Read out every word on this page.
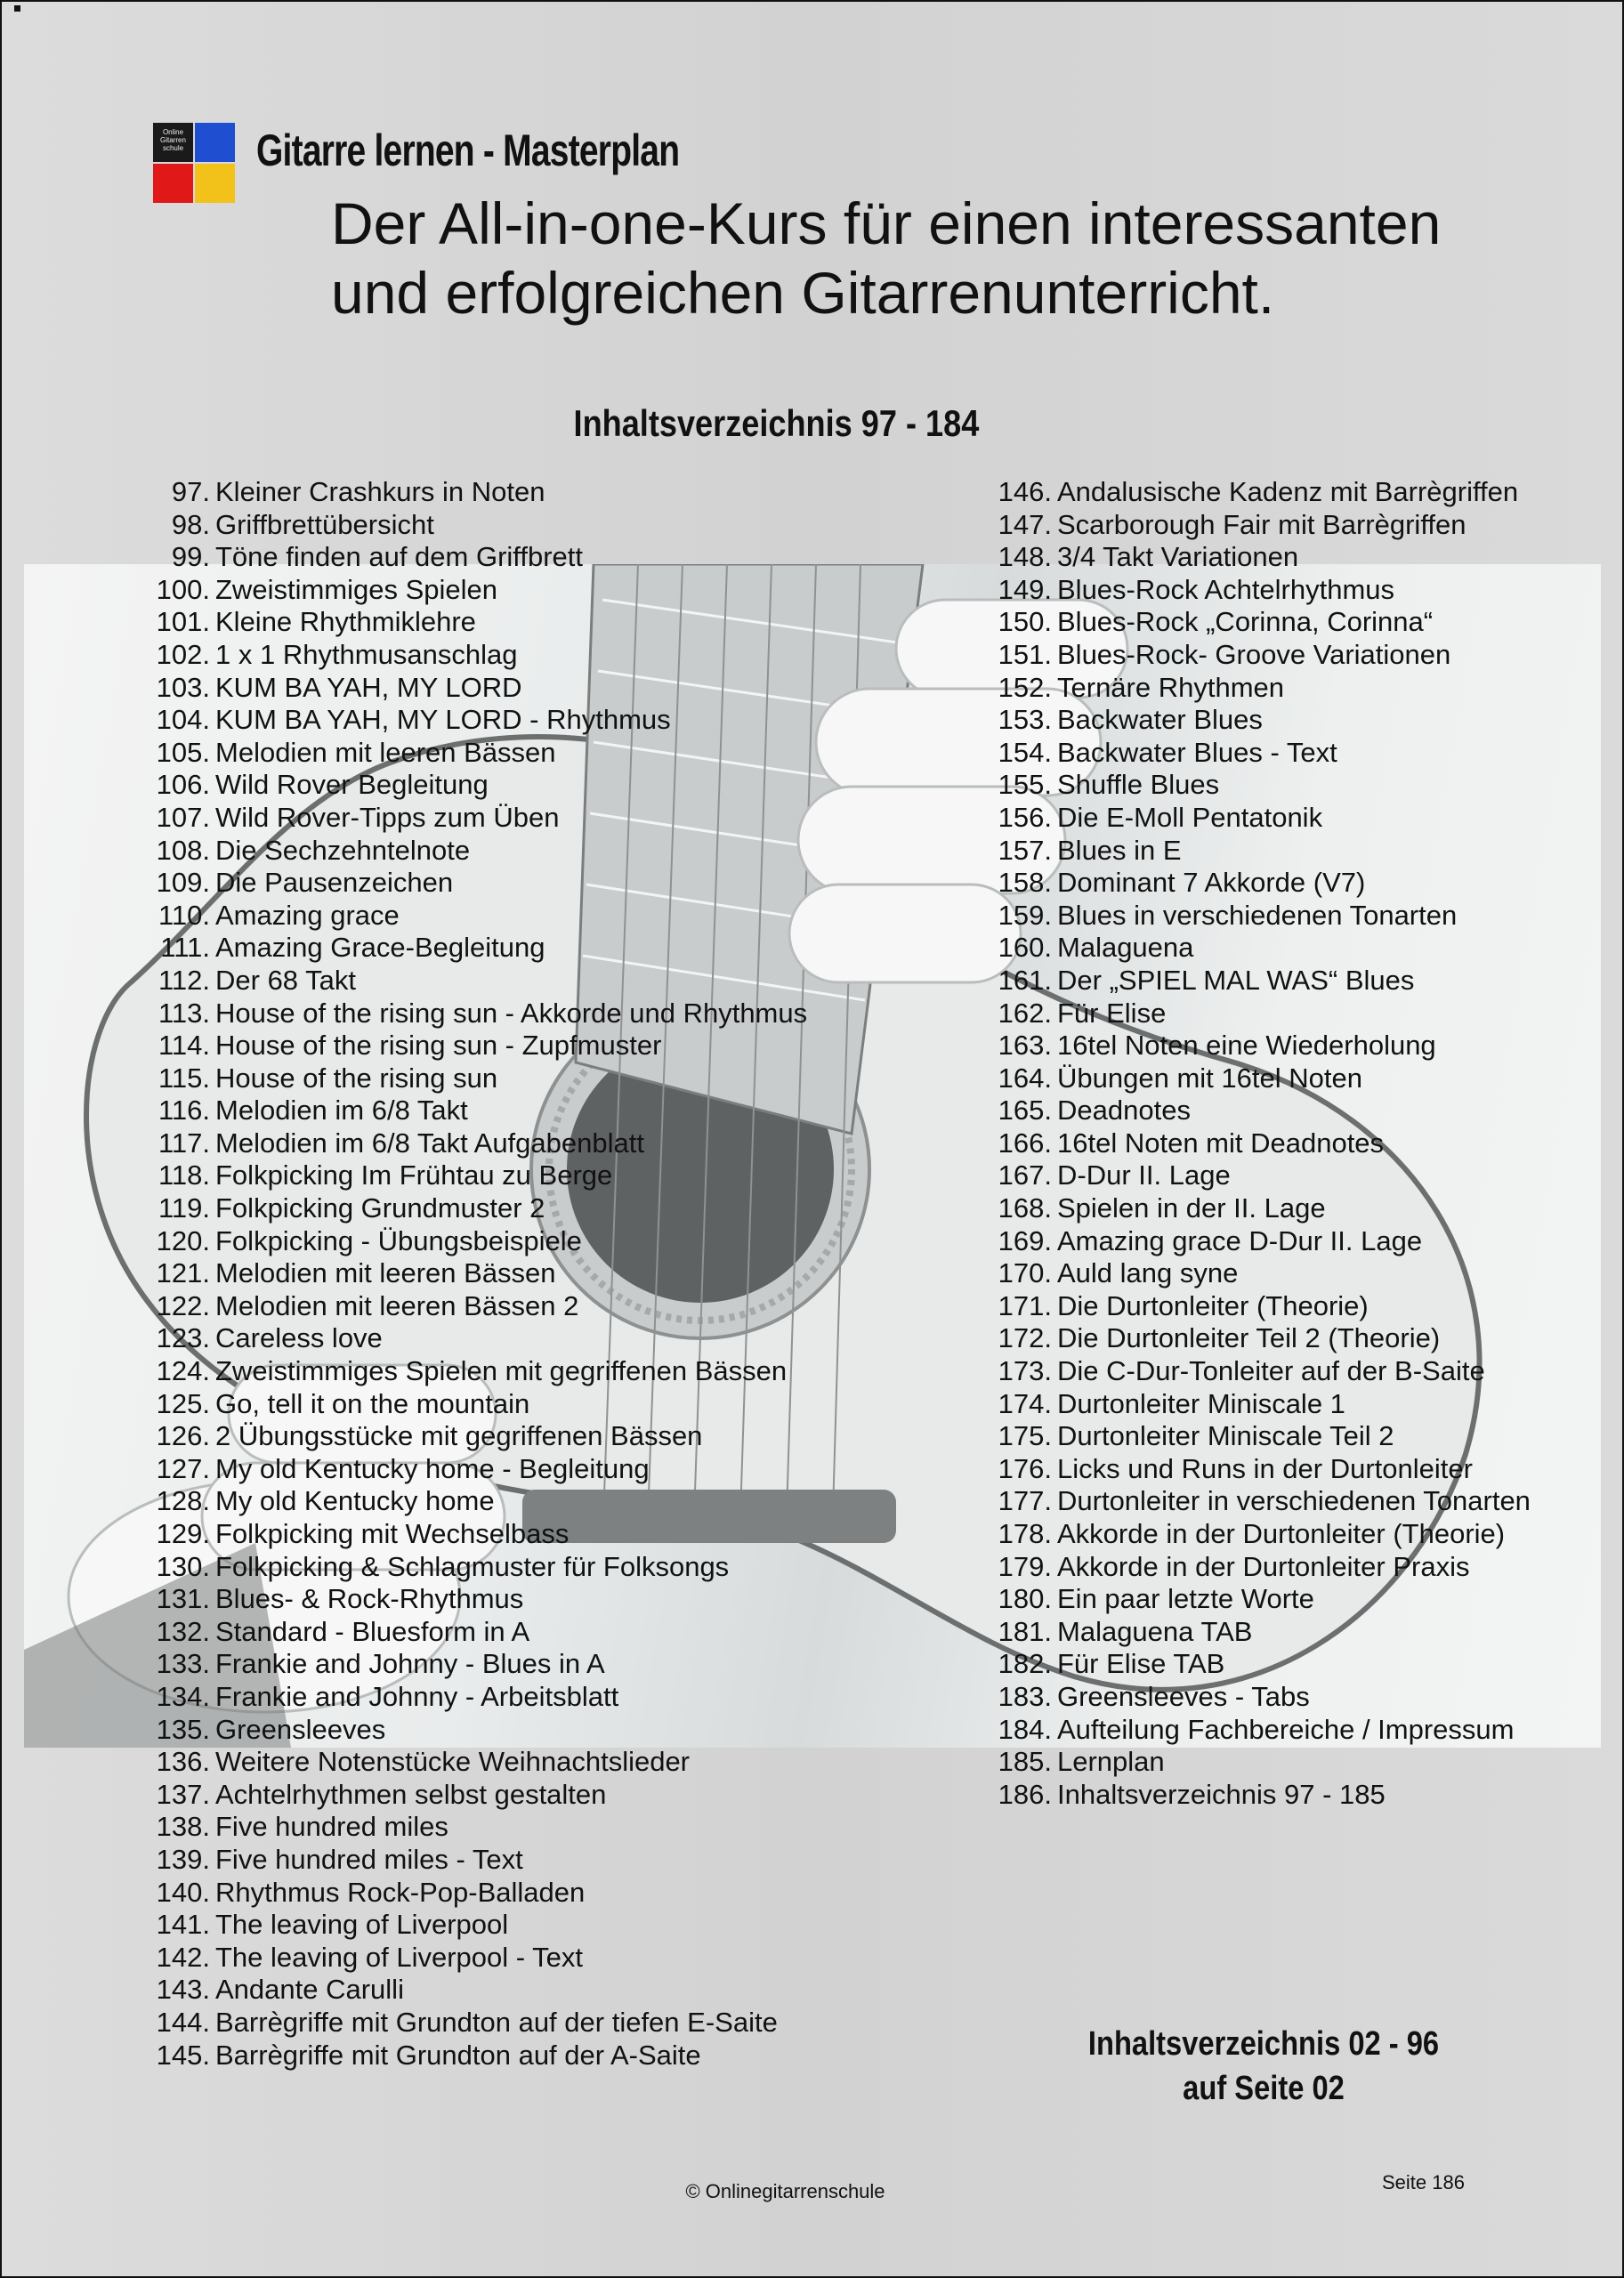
Online Gitarren schule Gitarre lernen - Masterplan
Der All-in-one-Kurs für einen interessanten
und erfolgreichen Gitarrenunterricht.
Inhaltsverzeichnis 97 - 184
97. Kleiner Crashkurs in Noten
98. Griffbrettübersicht
99. Töne finden auf dem Griffbrett
100. Zweistimmiges Spielen
101. Kleine Rhythmiklehre
102. 1 x 1 Rhythmusanschlag
103. KUM BA YAH, MY LORD
104. KUM BA YAH, MY LORD - Rhythmus
105. Melodien mit leeren Bässen
106. Wild Rover Begleitung
107. Wild Rover-Tipps zum Üben
108. Die Sechzehntelnote
109. Die Pausenzeichen
110. Amazing grace
111. Amazing Grace-Begleitung
112. Der 68 Takt
113. House of the rising sun - Akkorde und Rhythmus
114. House of the rising sun - Zupfmuster
115. House of the rising sun
116. Melodien im 6/8 Takt
117. Melodien im 6/8 Takt Aufgabenblatt
118. Folkpicking Im Frühtau zu Berge
119. Folkpicking Grundmuster 2
120. Folkpicking - Übungsbeispiele
121. Melodien mit leeren Bässen
122. Melodien mit leeren Bässen 2
123. Careless love
124. Zweistimmiges Spielen mit gegriffenen Bässen
125. Go, tell it on the mountain
126. 2 Übungsstücke mit gegriffenen Bässen
127. My old Kentucky home - Begleitung
128. My old Kentucky home
129. Folkpicking mit Wechselbass
130. Folkpicking & Schlagmuster für Folksongs
131. Blues- & Rock-Rhythmus
132. Standard - Bluesform in A
133. Frankie and Johnny - Blues in A
134. Frankie and Johnny - Arbeitsblatt
135. Greensleeves
136. Weitere Notenstücke Weihnachtslieder
137. Achtelrhythmen selbst gestalten
138. Five hundred miles
139. Five hundred miles - Text
140. Rhythmus Rock-Pop-Balladen
141. The leaving of Liverpool
142. The leaving of Liverpool - Text
143. Andante Carulli
144. Barrègriffe mit Grundton auf der tiefen E-Saite
145. Barrègriffe mit Grundton auf der A-Saite
146. Andalusische Kadenz mit Barrègriffen
147. Scarborough Fair mit Barrègriffen
148. 3/4 Takt Variationen
149. Blues-Rock Achtelrhythmus
150. Blues-Rock „Corinna, Corinna“
151. Blues-Rock- Groove Variationen
152. Ternäre Rhythmen
153. Backwater Blues
154. Backwater Blues - Text
155. Shuffle Blues
156. Die E-Moll Pentatonik
157. Blues in E
158. Dominant 7 Akkorde (V7)
159. Blues in verschiedenen Tonarten
160. Malaguena
161. Der „SPIEL MAL WAS“ Blues
162. Für Elise
163. 16tel Noten eine Wiederholung
164. Übungen mit 16tel Noten
165. Deadnotes
166. 16tel Noten mit Deadnotes
167. D-Dur II. Lage
168. Spielen in der II. Lage
169. Amazing grace D-Dur II. Lage
170. Auld lang syne
171. Die Durtonleiter (Theorie)
172. Die Durtonleiter Teil 2 (Theorie)
173. Die C-Dur-Tonleiter auf der B-Saite
174. Durtonleiter Miniscale 1
175. Durtonleiter Miniscale Teil 2
176. Licks und Runs in der Durtonleiter
177. Durtonleiter in verschiedenen Tonarten
178. Akkorde in der Durtonleiter (Theorie)
179. Akkorde in der Durtonleiter Praxis
180. Ein paar letzte Worte
181. Malaguena TAB
182. Für Elise TAB
183. Greensleeves - Tabs
184. Aufteilung Fachbereiche / Impressum
185. Lernplan
186. Inhaltsverzeichnis 97 - 185
Inhaltsverzeichnis 02 - 96
auf Seite 02
© Onlinegitarrenschule	Seite 186
